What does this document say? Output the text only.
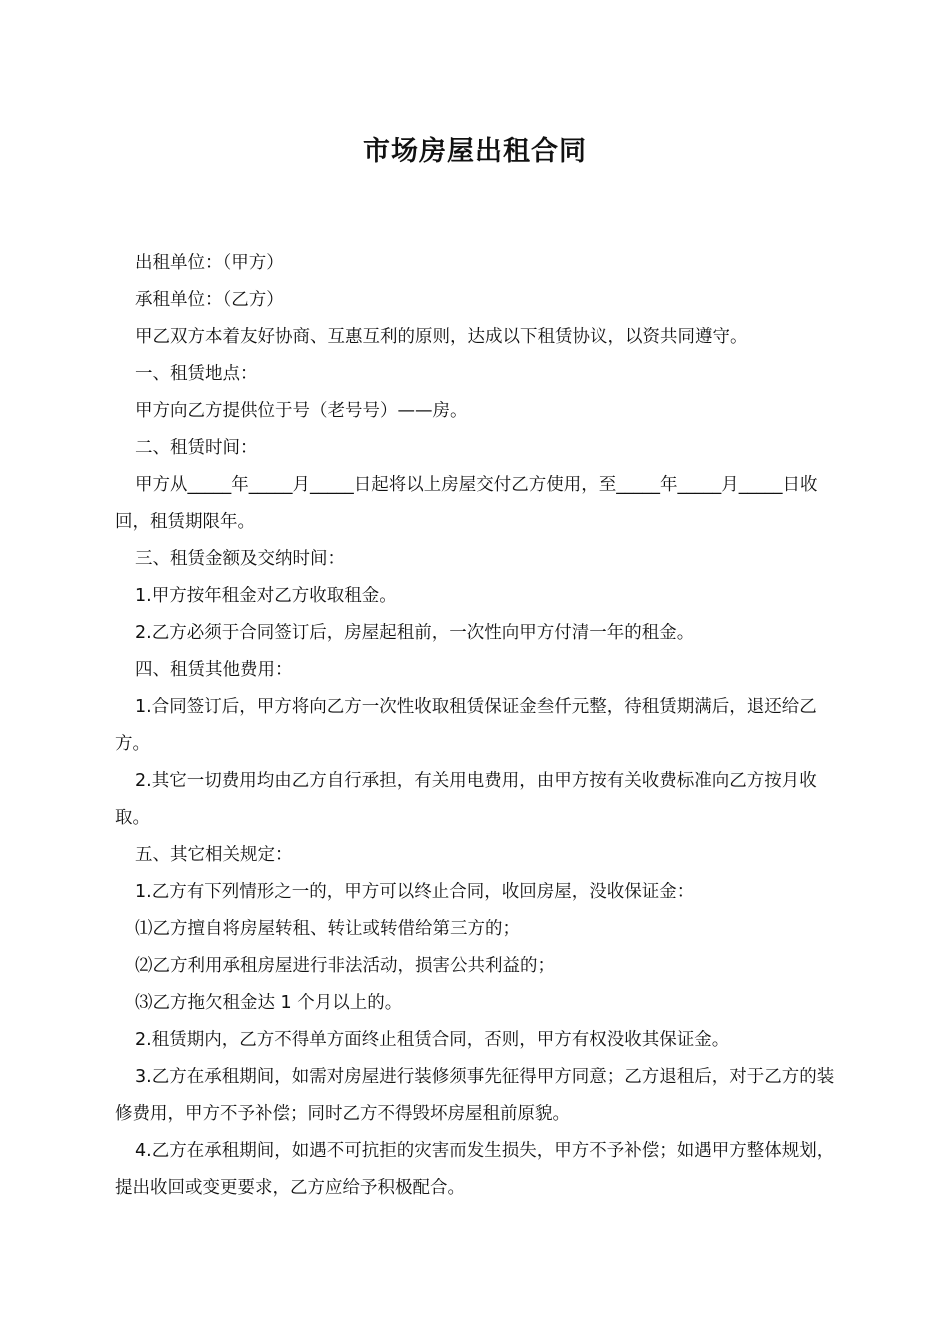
市场房屋出租合同

出租单位：（甲方）

承租单位：（乙方）

甲乙双方本着友好协商、互惠互利的原则，达成以下租赁协议，以资共同遵守。

一、租赁地点：

甲方向乙方提供位于号（老号号）——房。

二、租赁时间：

甲方从_____年_____月_____日起将以上房屋交付乙方使用，至_____年_____月_____日收回，租赁期限年。

三、租赁金额及交纳时间：

1.甲方按年租金对乙方收取租金。

2.乙方必须于合同签订后，房屋起租前，一次性向甲方付清一年的租金。

四、租赁其他费用：

1.合同签订后，甲方将向乙方一次性收取租赁保证金叁仟元整，待租赁期满后，退还给乙方。

2.其它一切费用均由乙方自行承担，有关用电费用，由甲方按有关收费标准向乙方按月收取。

五、其它相关规定：

1.乙方有下列情形之一的，甲方可以终止合同，收回房屋，没收保证金：

⑴乙方擅自将房屋转租、转让或转借给第三方的；

⑵乙方利用承租房屋进行非法活动，损害公共利益的；

⑶乙方拖欠租金达 1 个月以上的。

2.租赁期内，乙方不得单方面终止租赁合同，否则，甲方有权没收其保证金。

3.乙方在承租期间，如需对房屋进行装修须事先征得甲方同意；乙方退租后，对于乙方的装修费用，甲方不予补偿；同时乙方不得毁坏房屋租前原貌。

4.乙方在承租期间，如遇不可抗拒的灾害而发生损失，甲方不予补偿；如遇甲方整体规划，提出收回或变更要求，乙方应给予积极配合。
